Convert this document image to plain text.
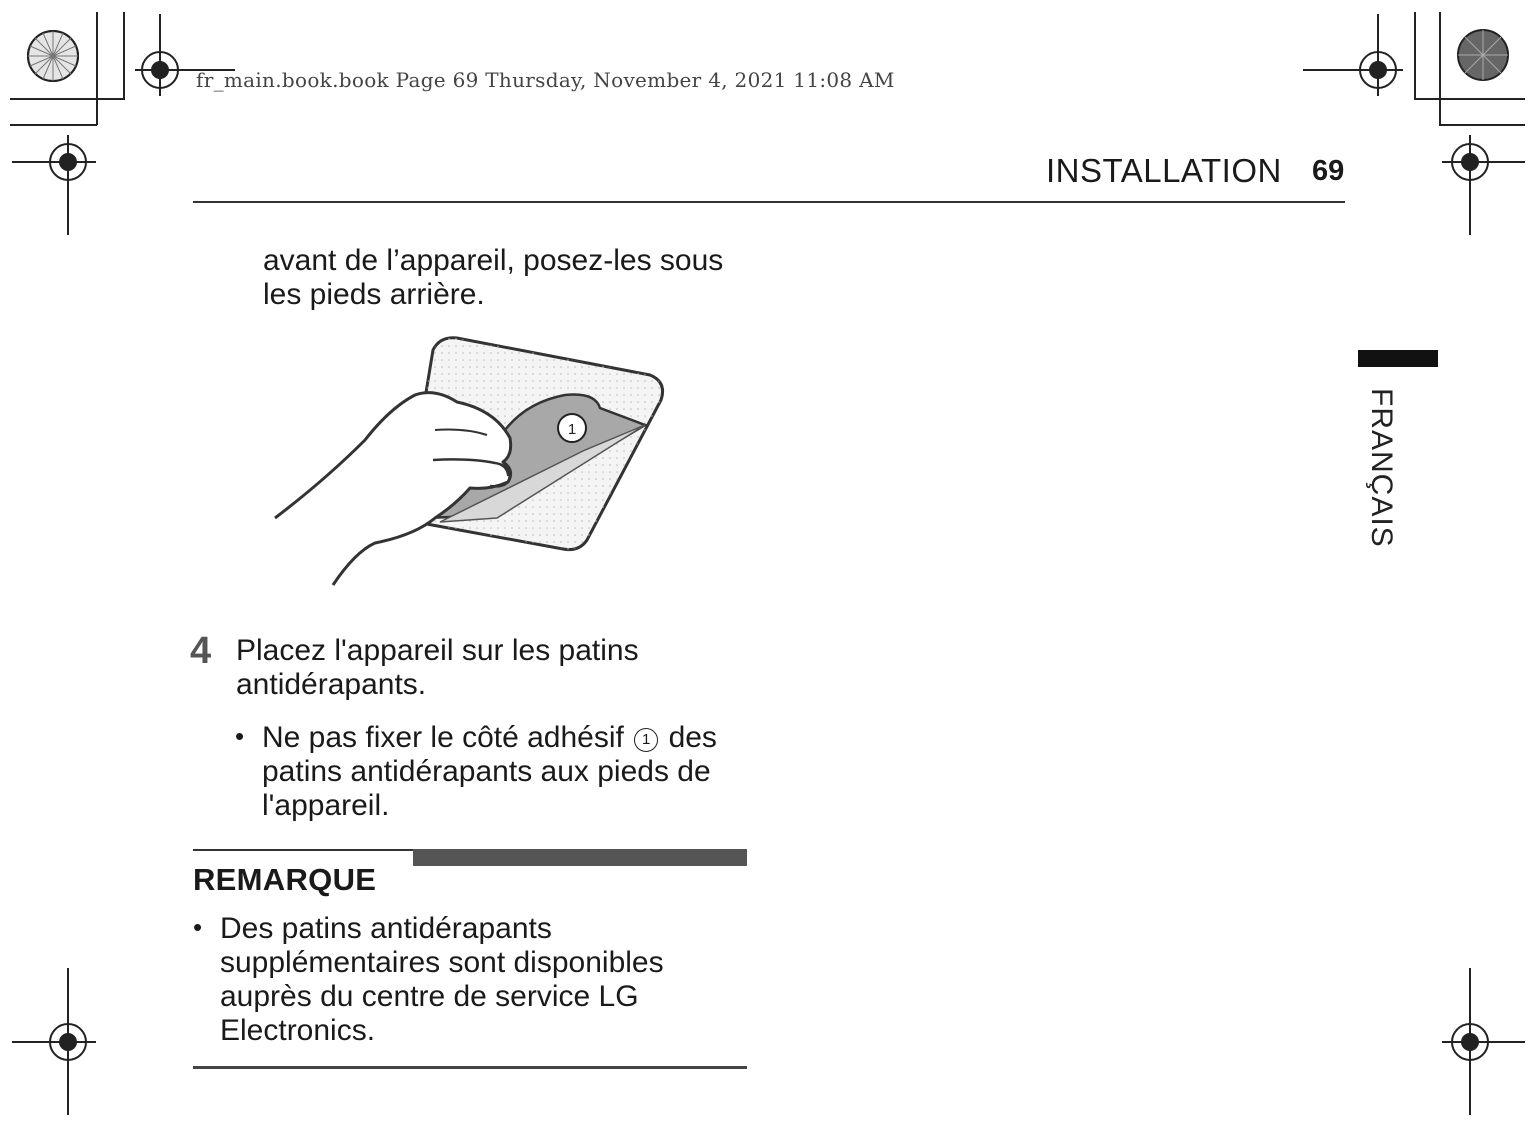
fr_main.book.book Page 69 Thursday, November 4, 2021 11:08 AM
INSTALLATION 69
FRANÇAIS
avant de l’appareil, posez-les sous les pieds arrière.
1
4 Placez l'appareil sur les patins antidérapants.
• Ne pas fixer le côté adhésif 1 des patins antidérapants aux pieds de l'appareil.
REMARQUE
• Des patins antidérapants supplémentaires sont disponibles auprès du centre de service LG Electronics.
